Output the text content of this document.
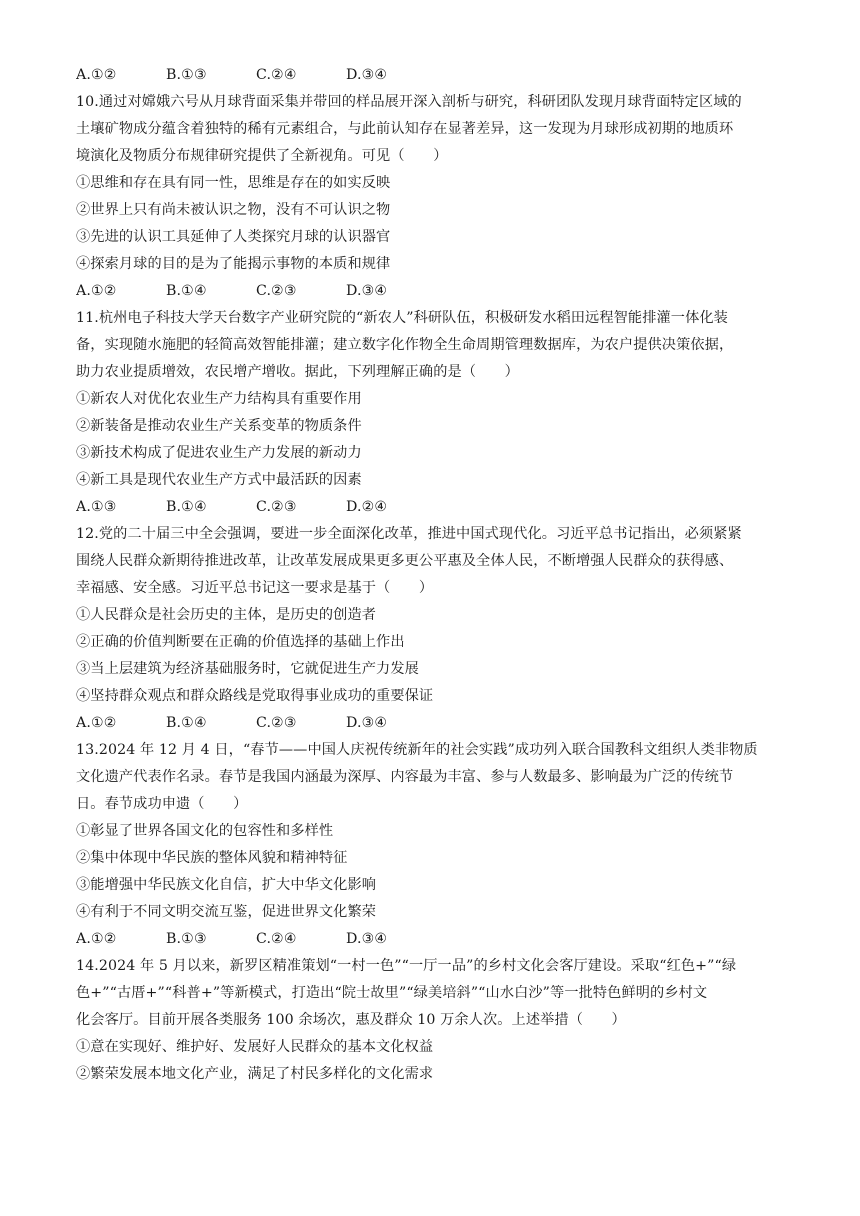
A.①②	B.①③	C.②④	D.③④
10.通过对嫦娥六号从月球背面采集并带回的样品展开深入剖析与研究，科研团队发现月球背面特定区域的
土壤矿物成分蕴含着独特的稀有元素组合，与此前认知存在显著差异，这一发现为月球形成初期的地质环
境演化及物质分布规律研究提供了全新视角。可见（　　）
①思维和存在具有同一性，思维是存在的如实反映
②世界上只有尚未被认识之物，没有不可认识之物
③先进的认识工具延伸了人类探究月球的认识器官
④探索月球的目的是为了能揭示事物的本质和规律
A.①②	B.①④	C.②③	D.③④
11.杭州电子科技大学天台数字产业研究院的“新农人”科研队伍，积极研发水稻田远程智能排灌一体化装
备，实现随水施肥的轻简高效智能排灌；建立数字化作物全生命周期管理数据库，为农户提供决策依据，
助力农业提质增效，农民增产增收。据此，下列理解正确的是（　　）
①新农人对优化农业生产力结构具有重要作用
②新装备是推动农业生产关系变革的物质条件
③新技术构成了促进农业生产力发展的新动力
④新工具是现代农业生产方式中最活跃的因素
A.①③	B.①④	C.②③	D.②④
12.党的二十届三中全会强调，要进一步全面深化改革，推进中国式现代化。习近平总书记指出，必须紧紧
围绕人民群众新期待推进改革，让改革发展成果更多更公平惠及全体人民，不断增强人民群众的获得感、
幸福感、安全感。习近平总书记这一要求是基于（　　）
①人民群众是社会历史的主体，是历史的创造者
②正确的价值判断要在正确的价值选择的基础上作出
③当上层建筑为经济基础服务时，它就促进生产力发展
④坚持群众观点和群众路线是党取得事业成功的重要保证
A.①②	B.①④	C.②③	D.③④
13.2024 年 12 月 4 日，“春节——中国人庆祝传统新年的社会实践”成功列入联合国教科文组织人类非物质
文化遗产代表作名录。春节是我国内涵最为深厚、内容最为丰富、参与人数最多、影响最为广泛的传统节
日。春节成功申遗（　　）
①彰显了世界各国文化的包容性和多样性
②集中体现中华民族的整体风貌和精神特征
③能增强中华民族文化自信，扩大中华文化影响
④有利于不同文明交流互鉴，促进世界文化繁荣
A.①②	B.①③	C.②④	D.③④
14.2024 年 5 月以来，新罗区精准策划“一村一色”“一厅一品”的乡村文化会客厅建设。采取“红色+”“绿
色+”“古厝+”“科普+”等新模式，打造出“院士故里”“绿美培斜”“山水白沙”等一批特色鲜明的乡村文
化会客厅。目前开展各类服务 100 余场次，惠及群众 10 万余人次。上述举措（　　）
①意在实现好、维护好、发展好人民群众的基本文化权益
②繁荣发展本地文化产业，满足了村民多样化的文化需求
